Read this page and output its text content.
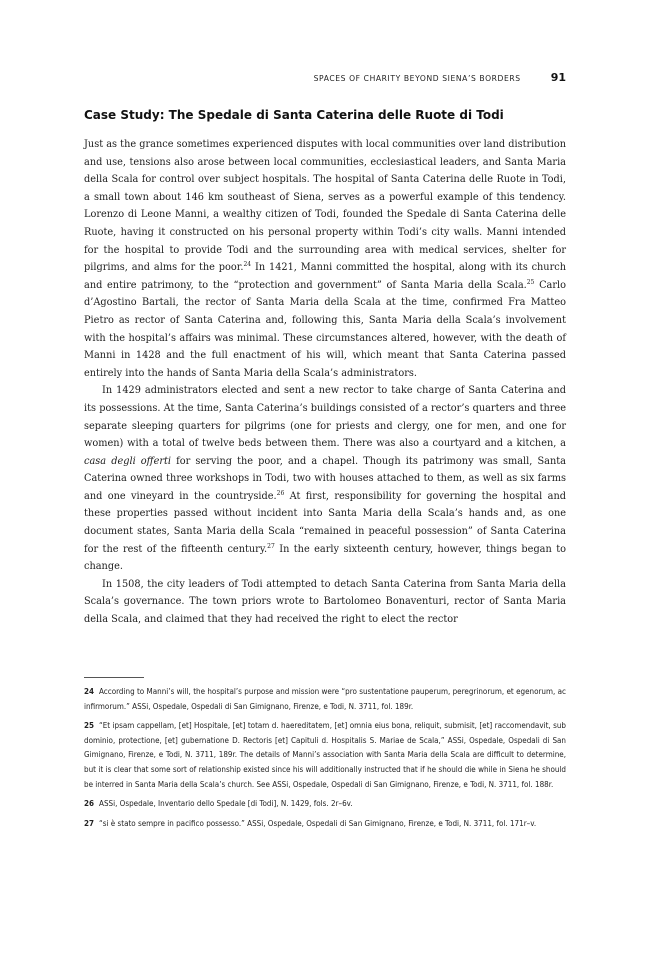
SPACES OF CHARITY BEYOND SIENA’S BORDERS	91
Case Study: The Spedale di Santa Caterina delle Ruote di Todi

Just as the grance sometimes experienced disputes with local communities over land distribution and use, tensions also arose between local communities, ecclesiastical leaders, and Santa Maria della Scala for control over subject hospitals. The hospital of Santa Caterina delle Ruote in Todi, a small town about 146 km southeast of Siena, serves as a powerful example of this tendency. Lorenzo di Leone Manni, a wealthy citizen of Todi, founded the Spedale di Santa Caterina delle Ruote, having it constructed on his personal property within Todi’s city walls. Manni intended for the hospital to provide Todi and the surrounding area with medical services, shelter for pilgrims, and alms for the poor.$^{24}$ In 1421, Manni committed the hospital, along with its church and entire patrimony, to the “protection and government” of Santa Maria della Scala.$^{25}$ Carlo d’Agostino Bartali, the rector of Santa Maria della Scala at the time, confirmed Fra Matteo Pietro as rector of Santa Caterina and, following this, Santa Maria della Scala’s involvement with the hospital’s affairs was minimal. These circumstances altered, however, with the death of Manni in 1428 and the full enactment of his will, which meant that Santa Caterina passed entirely into the hands of Santa Maria della Scala’s administrators.

In 1429 administrators elected and sent a new rector to take charge of Santa Caterina and its possessions. At the time, Santa Caterina’s buildings consisted of a rector’s quarters and three separate sleeping quarters for pilgrims (one for priests and clergy, one for men, and one for women) with a total of twelve beds between them. There was also a courtyard and a kitchen, a casa degli offerti for serving the poor, and a chapel. Though its patrimony was small, Santa Caterina owned three workshops in Todi, two with houses attached to them, as well as six farms and one vineyard in the countryside.$^{26}$ At first, responsibility for governing the hospital and these properties passed without incident into Santa Maria della Scala’s hands and, as one document states, Santa Maria della Scala “remained in peaceful possession” of Santa Caterina for the rest of the fifteenth century.$^{27}$ In the early sixteenth century, however, things began to change.

In 1508, the city leaders of Todi attempted to detach Santa Caterina from Santa Maria della Scala’s governance. The town priors wrote to Bartolomeo Bonaventuri, rector of Santa Maria della Scala, and claimed that they had received the right to elect the rector

24 According to Manni’s will, the hospital’s purpose and mission were “pro sustentatione pauperum, peregrinorum, et egenorum, ac infirmorum.” ASSi, Ospedale, Ospedali di San Gimignano, Firenze, e Todi, N. 3711, fol. 189r.

25 “Et ipsam cappellam, [et] Hospitale, [et] totam d. haereditatem, [et] omnia eius bona, reliquit, submisit, [et] raccomendavit, sub dominio, protectione, [et] gubernatione D. Rectoris [et] Capituli d. Hospitalis S. Mariae de Scala,” ASSi, Ospedale, Ospedali di San Gimignano, Firenze, e Todi, N. 3711, 189r. The details of Manni’s association with Santa Maria della Scala are difficult to determine, but it is clear that some sort of relationship existed since his will additionally instructed that if he should die while in Siena he should be interred in Santa Maria della Scala’s church. See ASSi, Ospedale, Ospedali di San Gimignano, Firenze, e Todi, N. 3711, fol. 188r.

26 ASSi, Ospedale, Inventario dello Spedale [di Todi], N. 1429, fols. 2r–6v.

27 “si è stato sempre in pacifico possesso.” ASSi, Ospedale, Ospedali di San Gimignano, Firenze, e Todi, N. 3711, fol. 171r–v.
